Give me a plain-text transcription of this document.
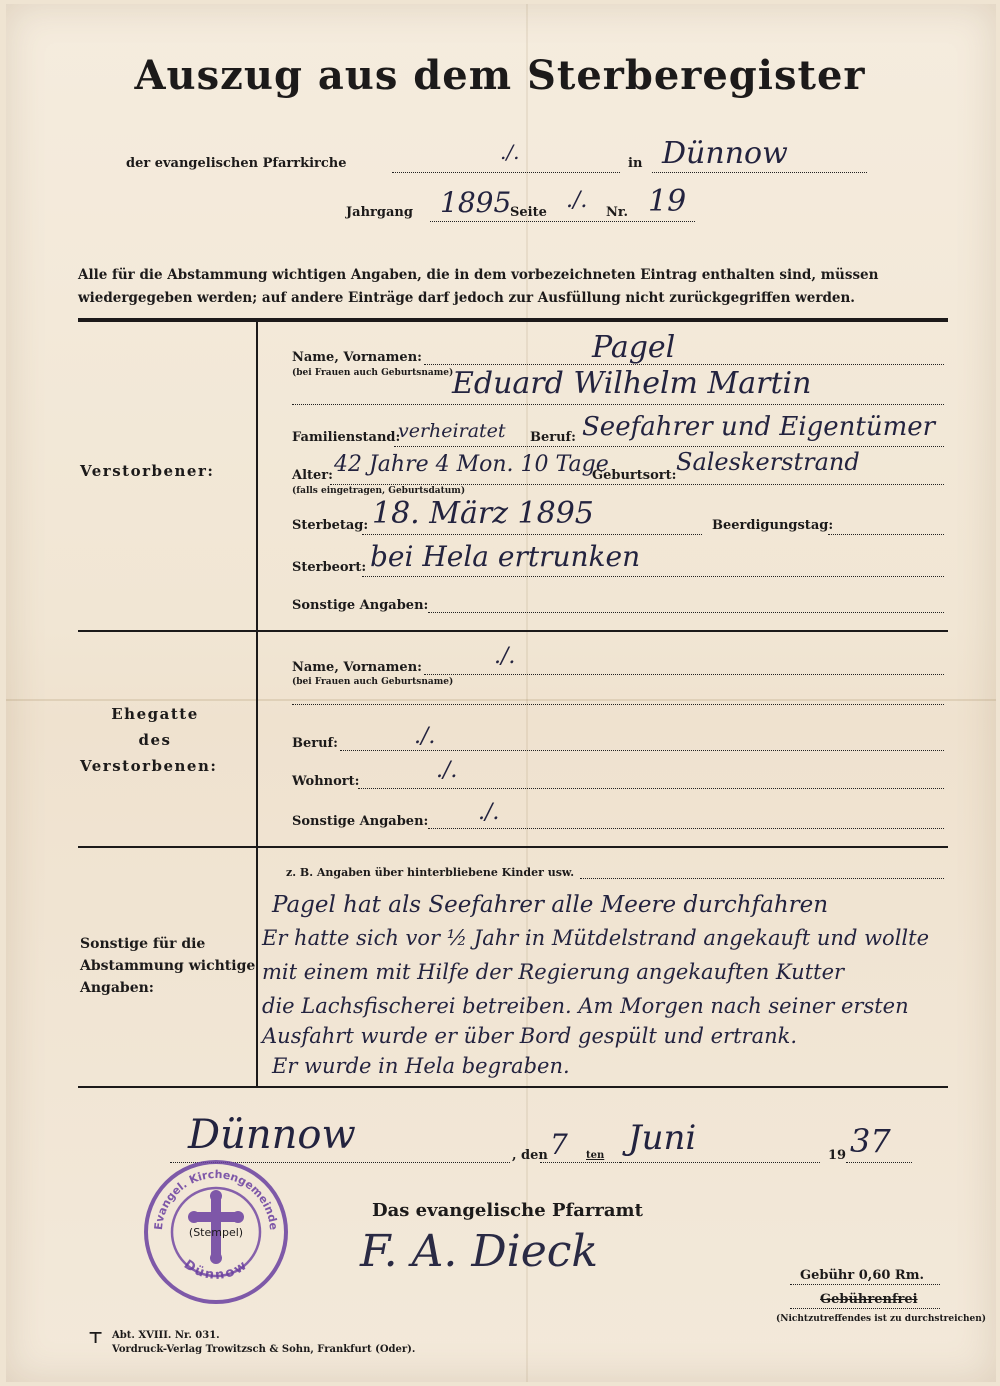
Auszug aus dem Sterberegister
der evangelischen Pfarrkirche	./.	in Dünnow
Jahrgang 1895
Seite ./. Nr. 19
Alle für die Abstammung wichtigen Angaben, die in dem vorbezeichneten Eintrag enthalten sind, müssen wiedergegeben werden; auf andere Einträge darf jedoch zur Ausfüllung nicht zurückgegriffen werden.
Verstorbener:
Name, Vornamen:
(bei Frauen auch Geburtsname)
Pagel
Eduard Wilhelm Martin
Familienstand:
verheiratet Beruf: Seefahrer und Eigentümer
Alter:
(falls eingetragen, Geburtsdatum)
42 Jahre 4 Mon. 10 Tage
Geburtsort: Saleskerstrand
Sterbetag: 18. März 1895	Beerdigungstag:
Sterbeort: bei Hela ertrunken
Sonstige Angaben:
Ehegatte
des
Verstorbenen:
Name, Vornamen:
(bei Frauen auch Geburtsname)
./.
Beruf:	./.
Wohnort:	./.
Sonstige Angaben: ./.
Sonstige für die
Abstammung wichtige
Angaben:
z. B. Angaben über hinterbliebene Kinder usw.
Pagel hat als Seefahrer alle Meere durchfahren
Er hatte sich vor ½ Jahr in Mütdelstrand angekauft und wollte
mit einem mit Hilfe der Regierung angekauften Kutter
die Lachsfischerei betreiben. Am Morgen nach seiner ersten
Ausfahrt wurde er über Bord gespült und ertrank.
Er wurde in Hela begraben.
Dünnow	, den 7 ten Juni	19 37
Das evangelische Pfarramt
F. A. Dieck
Evangel. Kirchengemeinde
Dünnow
(Stempel)
Gebühr 0,60 Rm.
Gebührenfrei
(Nichtzutreffendes ist zu durchstreichen)
⊤ Abt. XVIII. Nr. 031.
Vordruck-Verlag Trowitzsch & Sohn, Frankfurt (Oder).
